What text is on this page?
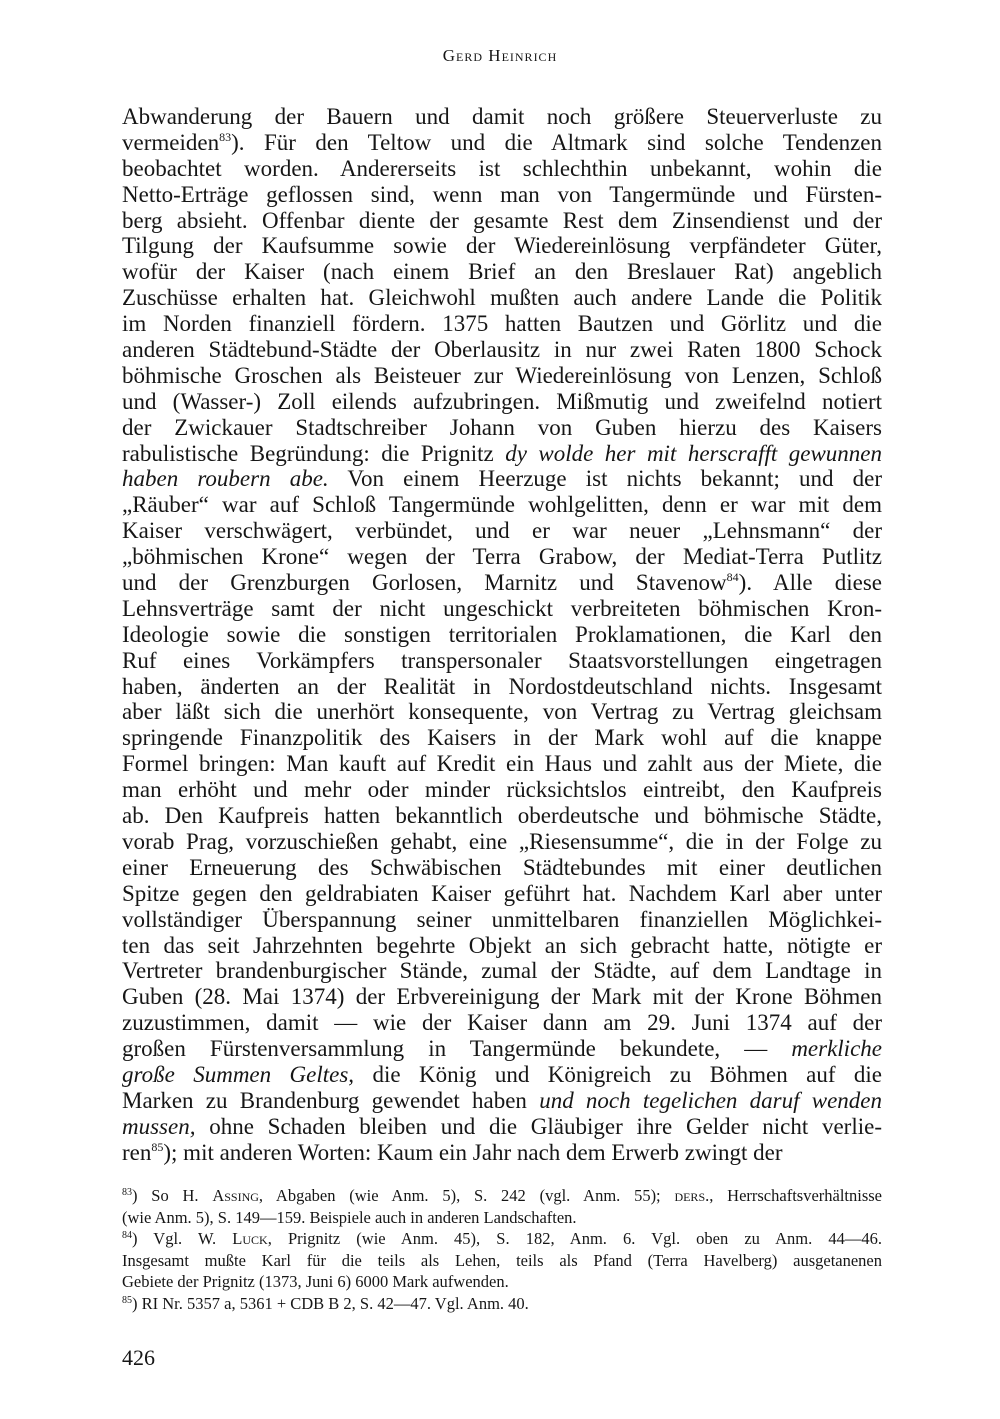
Gerd Heinrich
Abwanderung der Bauern und damit noch größere Steuerverluste zu
vermeiden$^{83}$). Für den Teltow und die Altmark sind solche Tendenzen
beobachtet worden. Andererseits ist schlechthin unbekannt, wohin die
Netto-Erträge geflossen sind, wenn man von Tangermünde und Fürsten-
berg absieht. Offenbar diente der gesamte Rest dem Zinsendienst und der
Tilgung der Kaufsumme sowie der Wiedereinlösung verpfändeter Güter,
wofür der Kaiser (nach einem Brief an den Breslauer Rat) angeblich
Zuschüsse erhalten hat. Gleichwohl mußten auch andere Lande die Politik
im Norden finanziell fördern. 1375 hatten Bautzen und Görlitz und die
anderen Städtebund-Städte der Oberlausitz in nur zwei Raten 1800 Schock
böhmische Groschen als Beisteuer zur Wiedereinlösung von Lenzen, Schloß
und (Wasser-) Zoll eilends aufzubringen. Mißmutig und zweifelnd notiert
der Zwickauer Stadtschreiber Johann von Guben hierzu des Kaisers
rabulistische Begründung: die Prignitz dy wolde her mit herscrafft gewunnen
haben roubern abe. Von einem Heerzuge ist nichts bekannt; und der
„Räuber“ war auf Schloß Tangermünde wohlgelitten, denn er war mit dem
Kaiser verschwägert, verbündet, und er war neuer „Lehnsmann“ der
„böhmischen Krone“ wegen der Terra Grabow, der Mediat-Terra Putlitz
und der Grenzburgen Gorlosen, Marnitz und Stavenow$^{84}$). Alle diese
Lehnsverträge samt der nicht ungeschickt verbreiteten böhmischen Kron-
Ideologie sowie die sonstigen territorialen Proklamationen, die Karl den
Ruf eines Vorkämpfers transpersonaler Staatsvorstellungen eingetragen
haben, änderten an der Realität in Nordostdeutschland nichts. Insgesamt
aber läßt sich die unerhört konsequente, von Vertrag zu Vertrag gleichsam
springende Finanzpolitik des Kaisers in der Mark wohl auf die knappe
Formel bringen: Man kauft auf Kredit ein Haus und zahlt aus der Miete, die
man erhöht und mehr oder minder rücksichtslos eintreibt, den Kaufpreis
ab. Den Kaufpreis hatten bekanntlich oberdeutsche und böhmische Städte,
vorab Prag, vorzuschießen gehabt, eine „Riesensumme“, die in der Folge zu
einer Erneuerung des Schwäbischen Städtebundes mit einer deutlichen
Spitze gegen den geldrabiaten Kaiser geführt hat. Nachdem Karl aber unter
vollständiger Überspannung seiner unmittelbaren finanziellen Möglichkei-
ten das seit Jahrzehnten begehrte Objekt an sich gebracht hatte, nötigte er
Vertreter brandenburgischer Stände, zumal der Städte, auf dem Landtage in
Guben (28. Mai 1374) der Erbvereinigung der Mark mit der Krone Böhmen
zuzustimmen, damit — wie der Kaiser dann am 29. Juni 1374 auf der
großen Fürstenversammlung in Tangermünde bekundete, — merkliche
große Summen Geltes, die König und Königreich zu Böhmen auf die
Marken zu Brandenburg gewendet haben und noch tegelichen daruf wenden
mussen, ohne Schaden bleiben und die Gläubiger ihre Gelder nicht verlie-
ren$^{85}$); mit anderen Worten: Kaum ein Jahr nach dem Erwerb zwingt der
$^{83}$) So H. Assing, Abgaben (wie Anm. 5), S. 242 (vgl. Anm. 55); ders., Herrschaftsverhältnisse
(wie Anm. 5), S. 149—159. Beispiele auch in anderen Landschaften.
$^{84}$) Vgl. W. Luck, Prignitz (wie Anm. 45), S. 182, Anm. 6. Vgl. oben zu Anm. 44—46.
Insgesamt mußte Karl für die teils als Lehen, teils als Pfand (Terra Havelberg) ausgetanenen
Gebiete der Prignitz (1373, Juni 6) 6000 Mark aufwenden.
$^{85}$) RI Nr. 5357 a, 5361 + CDB B 2, S. 42—47. Vgl. Anm. 40.
426
